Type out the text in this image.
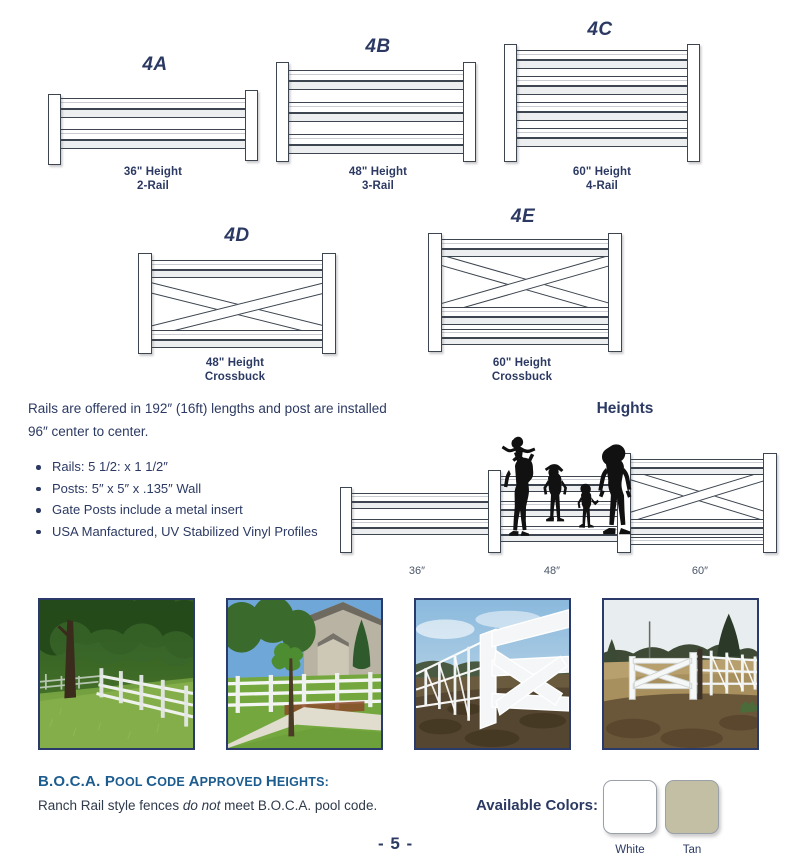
4A
36" Height
2-Rail
4B
48" Height
3-Rail
4C
60" Height
4-Rail
4D
48" Height
Crossbuck
4E
60" Height
Crossbuck
Rails are offered in 192″ (16ft) lengths and post are installed 96″ center to center.
Rails: 5 1/2: x 1 1/2″
Posts: 5″ x 5″ x .135″ Wall
Gate Posts include a metal insert
USA Manfactured, UV Stabilized Vinyl Profiles
Heights
36″	48″	60″
B.O.C.A. POOL CODE APPROVED HEIGHTS:
Ranch Rail style fences do not meet B.O.C.A. pool code.	Available Colors:
White	Tan
- 5 -
